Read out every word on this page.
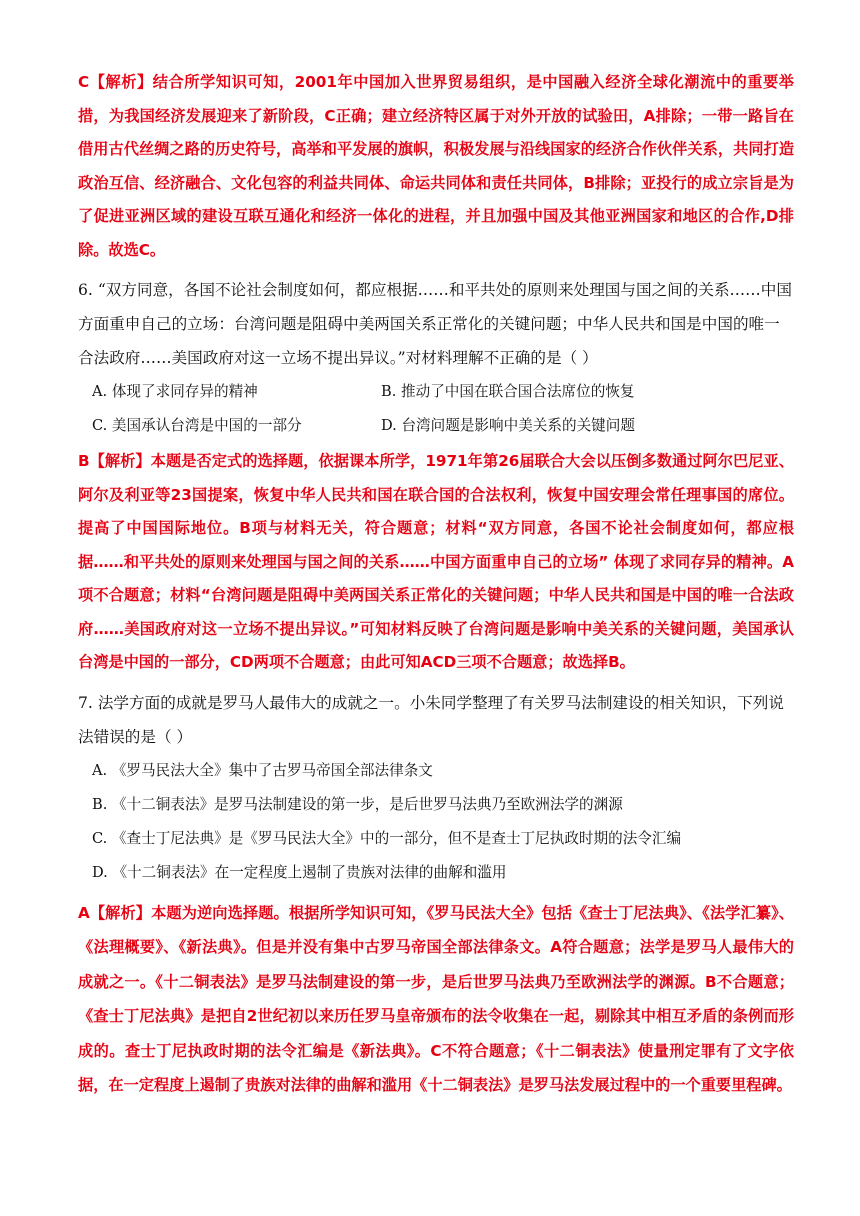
C【解析】结合所学知识可知，2001年中国加入世界贸易组织，是中国融入经济全球化潮流中的重要举措，为我国经济发展迎来了新阶段，C正确；建立经济特区属于对外开放的试验田，A排除；一带一路旨在借用古代丝绸之路的历史符号，高举和平发展的旗帜，积极发展与沿线国家的经济合作伙伴关系，共同打造政治互信、经济融合、文化包容的利益共同体、命运共同体和责任共同体，B排除；亚投行的成立宗旨是为了促进亚洲区域的建设互联互通化和经济一体化的进程，并且加强中国及其他亚洲国家和地区的合作,D排除。故选C。

6. “双方同意，各国不论社会制度如何，都应根据……和平共处的原则来处理国与国之间的关系……中国方面重申自己的立场：台湾问题是阻碍中美两国关系正常化的关键问题；中华人民共和国是中国的唯一合法政府……美国政府对这一立场不提出异议。”对材料理解不正确的是（ ）

A. 体现了求同存异的精神	B. 推动了中国在联合国合法席位的恢复
C. 美国承认台湾是中国的一部分	D. 台湾问题是影响中美关系的关键问题

B【解析】本题是否定式的选择题，依据课本所学，1971年第26届联合大会以压倒多数通过阿尔巴尼亚、阿尔及利亚等23国提案，恢复中华人民共和国在联合国的合法权利，恢复中国安理会常任理事国的席位。提高了中国国际地位。B项与材料无关，符合题意；材料“双方同意，各国不论社会制度如何，都应根据……和平共处的原则来处理国与国之间的关系……中国方面重申自己的立场” 体现了求同存异的精神。A项不合题意；材料“台湾问题是阻碍中美两国关系正常化的关键问题；中华人民共和国是中国的唯一合法政府……美国政府对这一立场不提出异议。”可知材料反映了台湾问题是影响中美关系的关键问题，美国承认台湾是中国的一部分，CD两项不合题意；由此可知ACD三项不合题意；故选择B。

7. 法学方面的成就是罗马人最伟大的成就之一。小朱同学整理了有关罗马法制建设的相关知识，下列说法错误的是（ ）

A. 《罗马民法大全》集中了古罗马帝国全部法律条文
B. 《十二铜表法》是罗马法制建设的第一步，是后世罗马法典乃至欧洲法学的渊源
C. 《查士丁尼法典》是《罗马民法大全》中的一部分，但不是查士丁尼执政时期的法令汇编
D. 《十二铜表法》在一定程度上遏制了贵族对法律的曲解和滥用

A【解析】本题为逆向选择题。根据所学知识可知，《罗马民法大全》包括《查士丁尼法典》、《法学汇纂》、《法理概要》、《新法典》。但是并没有集中古罗马帝国全部法律条文。A符合题意；法学是罗马人最伟大的成就之一。《十二铜表法》是罗马法制建设的第一步，是后世罗马法典乃至欧洲法学的渊源。B不合题意；《查士丁尼法典》是把自2世纪初以来历任罗马皇帝颁布的法令收集在一起，剔除其中相互矛盾的条例而形成的。查士丁尼执政时期的法令汇编是《新法典》。C不符合题意；《十二铜表法》使量刑定罪有了文字依据，在一定程度上遏制了贵族对法律的曲解和滥用《十二铜表法》是罗马法发展过程中的一个重要里程碑。
